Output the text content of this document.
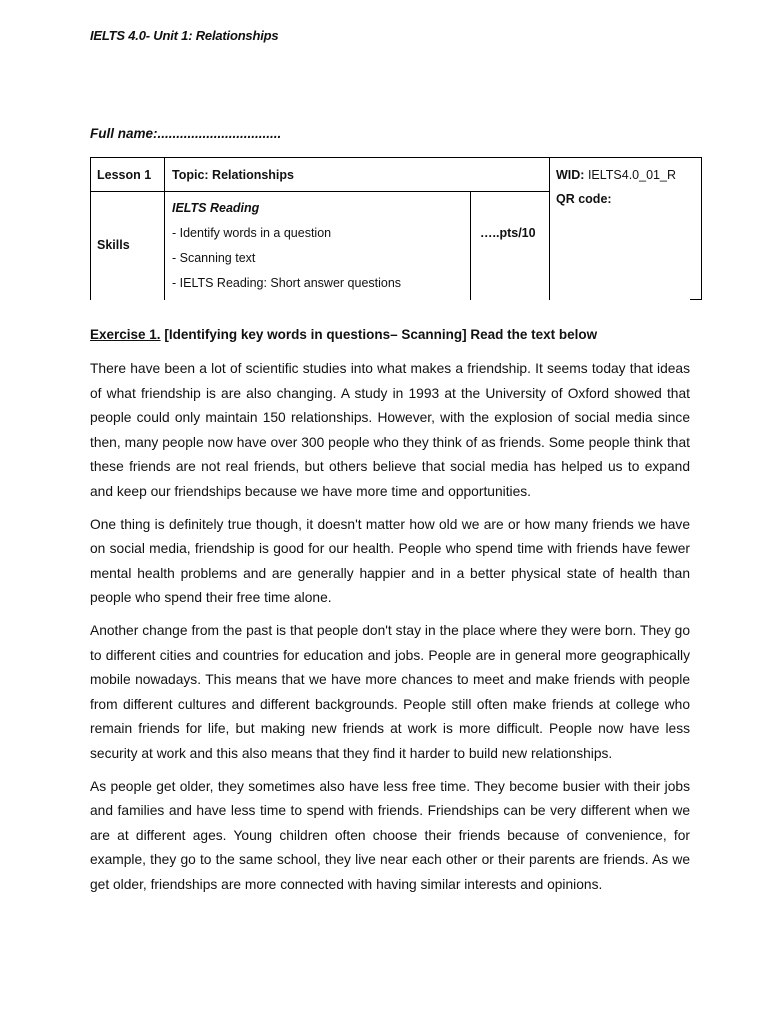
IELTS 4.0- Unit 1: Relationships
Full name:.................................
Lesson 1 Topic: Relationships	WID: IELTS4.0_01_R
QR code:
Skills
IELTS Reading
- Identify words in a question
- Scanning text
- IELTS Reading: Short answer questions
…..pts/10
Exercise 1. [Identifying key words in questions– Scanning] Read the text below

There have been a lot of scientific studies into what makes a friendship. It seems today that ideas of what friendship is are also changing. A study in 1993 at the University of Oxford showed that people could only maintain 150 relationships. However, with the explosion of social media since then, many people now have over 300 people who they think of as friends. Some people think that these friends are not real friends, but others believe that social media has helped us to expand and keep our friendships because we have more time and opportunities.

One thing is definitely true though, it doesn't matter how old we are or how many friends we have on social media, friendship is good for our health. People who spend time with friends have fewer mental health problems and are generally happier and in a better physical state of health than people who spend their free time alone.

Another change from the past is that people don't stay in the place where they were born. They go to different cities and countries for education and jobs. People are in general more geographically mobile nowadays. This means that we have more chances to meet and make friends with people from different cultures and different backgrounds. People still often make friends at college who remain friends for life, but making new friends at work is more difficult. People now have less security at work and this also means that they find it harder to build new relationships.

As people get older, they sometimes also have less free time. They become busier with their jobs and families and have less time to spend with friends. Friendships can be very different when we are at different ages. Young children often choose their friends because of convenience, for example, they go to the same school, they live near each other or their parents are friends. As we get older, friendships are more connected with having similar interests and opinions.
